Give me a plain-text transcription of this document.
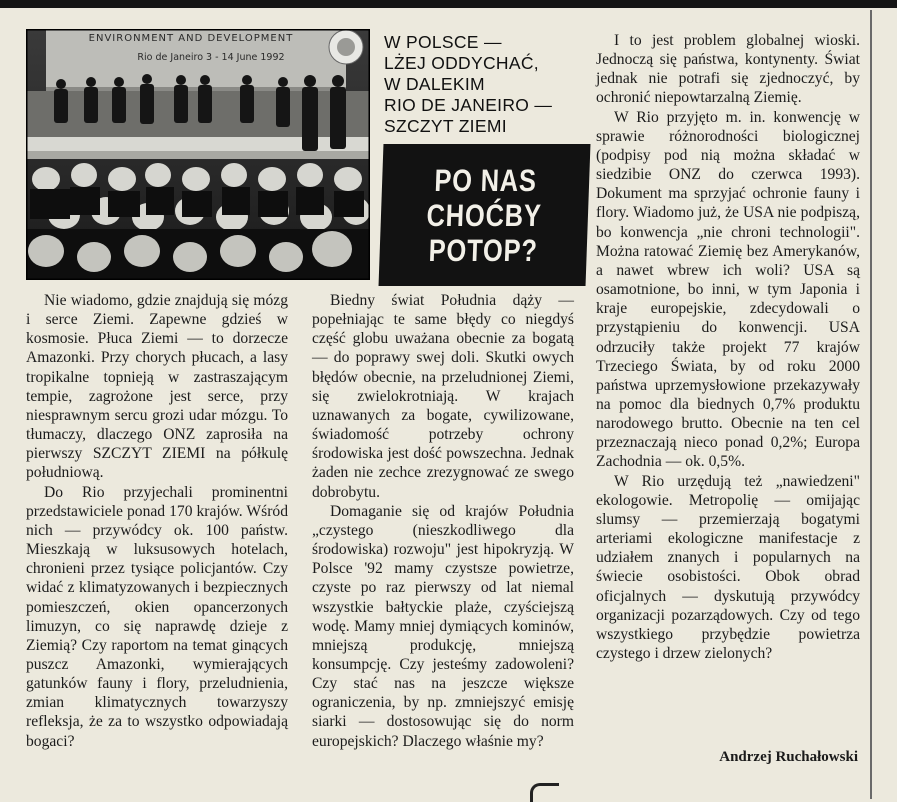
ENVIRONMENT AND DEVELOPMENT
Rio de Janeiro 3 - 14 June 1992
W POLSCE —
LŻEJ ODDYCHAĆ,
W DALEKIM
RIO DE JANEIRO —
SZCZYT ZIEMI
PO NAS
CHOĆBY
POTOP?

Nie wiadomo, gdzie znajdują się mózg i serce Ziemi. Zapewne gdzieś w kosmosie. Płuca Ziemi — to dorzecze Amazonki. Przy chorych płucach, a lasy tropikalne topnieją w zastraszającym tempie, zagrożone jest serce, przy niesprawnym sercu grozi udar mózgu. To tłumaczy, dlaczego ONZ zaprosiła na pierwszy SZCZYT ZIEMI na półkulę południową.

Do Rio przyjechali prominentni przedstawiciele ponad 170 krajów. Wśród nich — przywódcy ok. 100 państw. Mieszkają w luksusowych hotelach, chronieni przez tysiące policjantów. Czy widać z klimatyzowanych i bezpiecznych pomieszczeń, okien opancerzonych limuzyn, co się naprawdę dzieje z Ziemią? Czy raportom na temat ginących puszcz Amazonki, wymierających gatunków fauny i flory, przeludnienia, zmian klimatycznych towarzyszy refleksja, że za to wszystko odpowiadają bogaci?

Biedny świat Południa dąży — popełniając te same błędy co niegdyś część globu uważana obecnie za bogatą — do poprawy swej doli. Skutki owych błędów obecnie, na przeludnionej Ziemi, się zwielokrotniają. W krajach uznawanych za bogate, cywilizowane, świadomość potrzeby ochrony środowiska jest dość powszechna. Jednak żaden nie zechce zrezygnować ze swego dobrobytu.

Domaganie się od krajów Południa „czystego (nieszkodliwego dla środowiska) rozwoju" jest hipokryzją. W Polsce '92 mamy czystsze powietrze, czyste po raz pierwszy od lat niemal wszystkie bałtyckie plaże, czyściejszą wodę. Mamy mniej dymiących kominów, mniejszą produkcję, mniejszą konsumpcję. Czy jesteśmy zadowoleni? Czy stać nas na jeszcze większe ograniczenia, by np. zmniejszyć emisję siarki — dostosowując się do norm europejskich? Dlaczego właśnie my?

I to jest problem globalnej wioski. Jednoczą się państwa, kontynenty. Świat jednak nie potrafi się zjednoczyć, by ochronić niepowtarzalną Ziemię.

W Rio przyjęto m. in. konwencję w sprawie różnorodności biologicznej (podpisy pod nią można składać w siedzibie ONZ do czerwca 1993). Dokument ma sprzyjać ochronie fauny i flory. Wiadomo już, że USA nie podpiszą, bo konwencja „nie chroni technologii". Można ratować Ziemię bez Amerykanów, a nawet wbrew ich woli? USA są osamotnione, bo inni, w tym Japonia i kraje europejskie, zdecydowali o przystąpieniu do konwencji. USA odrzuciły także projekt 77 krajów Trzeciego Świata, by od roku 2000 państwa uprzemysłowione przekazywały na pomoc dla biednych 0,7% produktu narodowego brutto. Obecnie na ten cel przeznaczają nieco ponad 0,2%; Europa Zachodnia — ok. 0,5%.

W Rio urzędują też „nawiedzeni" ekologowie. Metropolię — omijając slumsy — przemierzają bogatymi arteriami ekologiczne manifestacje z udziałem znanych i popularnych na świecie osobistości. Obok obrad oficjalnych — dyskutują przywódcy organizacji pozarządowych. Czy od tego wszystkiego przybędzie powietrza czystego i drzew zielonych?

Andrzej Ruchałowski
